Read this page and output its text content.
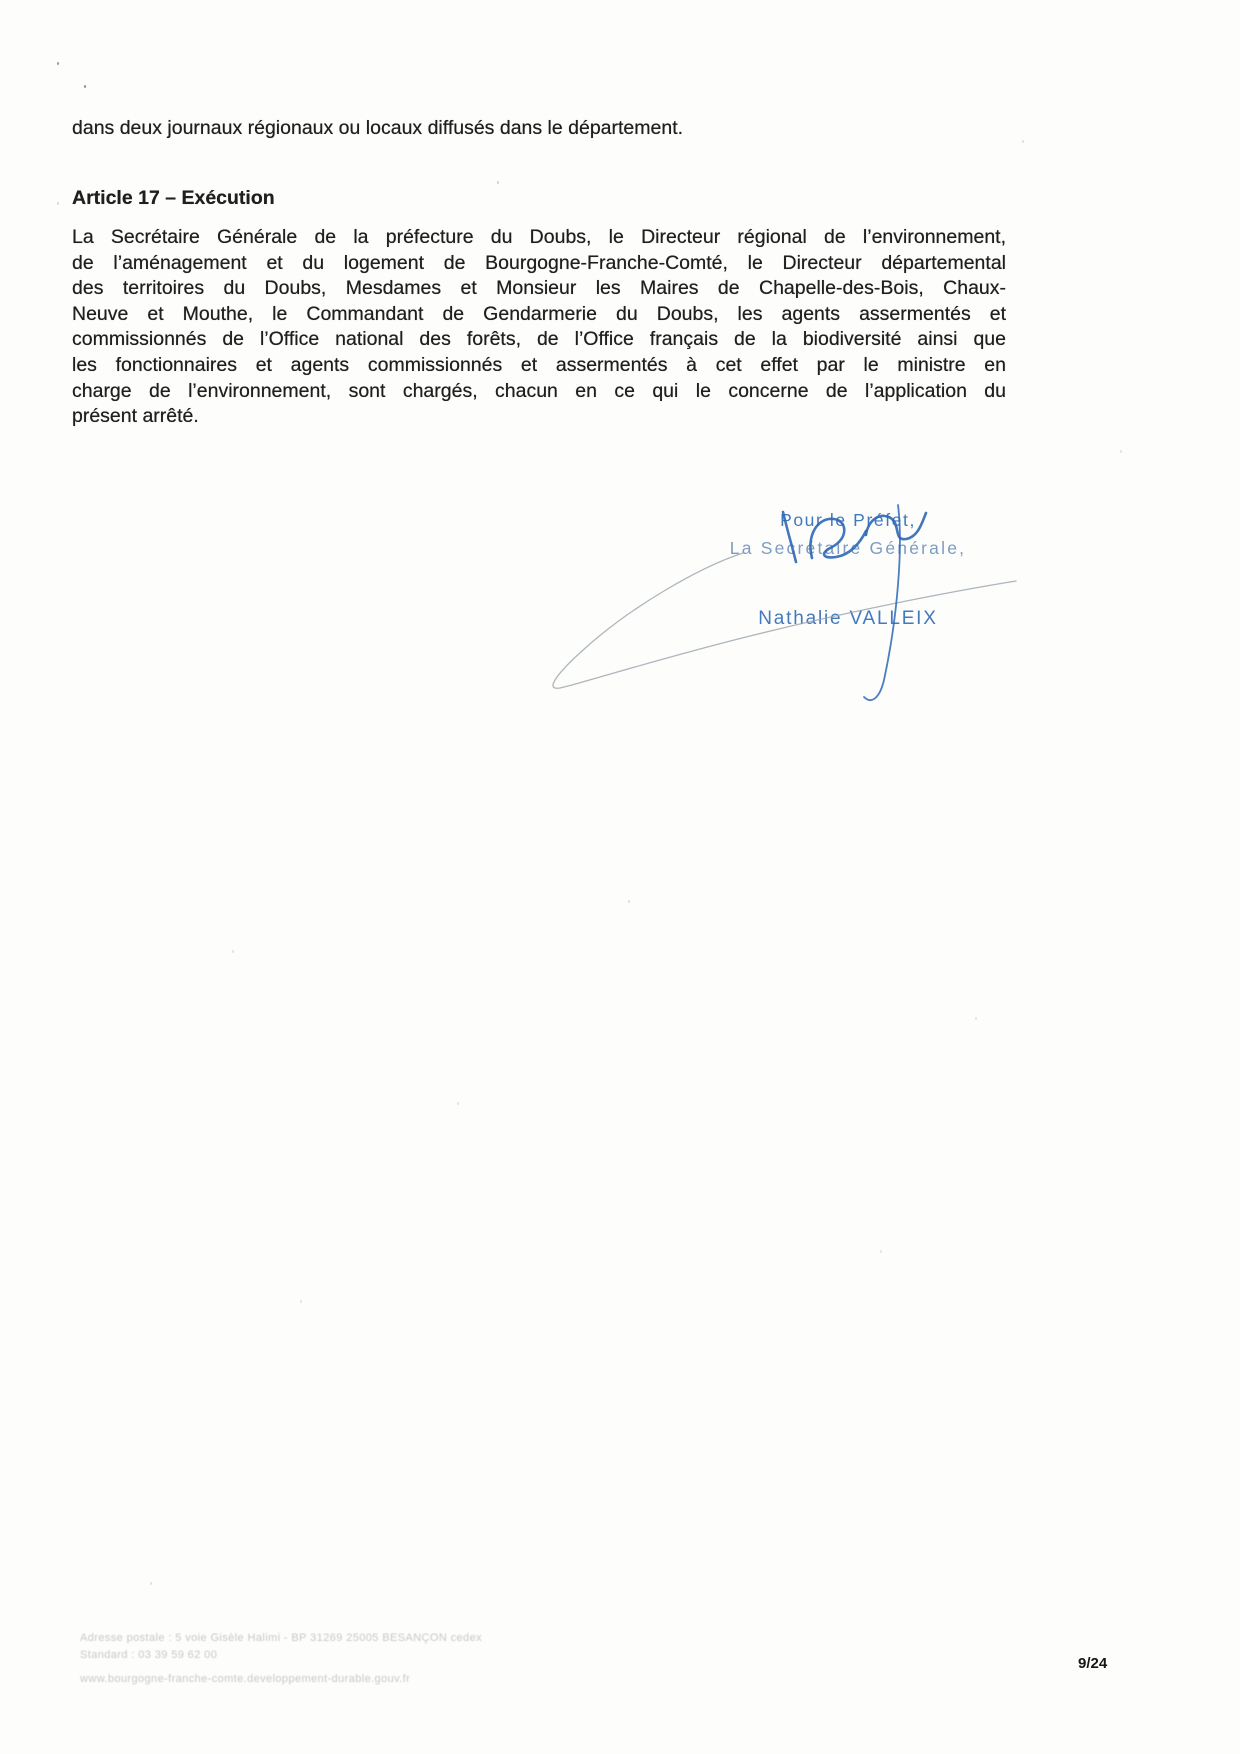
dans deux journaux régionaux ou locaux diffusés dans le département.
Article 17 – Exécution
La Secrétaire Générale de la préfecture du Doubs, le Directeur régional de l’environnement,
de l’aménagement et du logement de Bourgogne-Franche-Comté, le Directeur départemental
des territoires du Doubs, Mesdames et Monsieur les Maires de Chapelle-des-Bois, Chaux-
Neuve et Mouthe, le Commandant de Gendarmerie du Doubs, les agents assermentés et
commissionnés de l’Office national des forêts, de l’Office français de la biodiversité ainsi que
les fonctionnaires et agents commissionnés et assermentés à cet effet par le ministre en
charge de l’environnement, sont chargés, chacun en ce qui le concerne de l’application du
présent arrêté.
Pour le Préfet,
La Secrétaire Générale,
Nathalie VALLEIX
Adresse postale : 5 voie Gisèle Halimi - BP 31269 25005 BESANÇON cedex
Standard : 03 39 59 62 00
www.bourgogne-franche-comte.developpement-durable.gouv.fr
9/24
